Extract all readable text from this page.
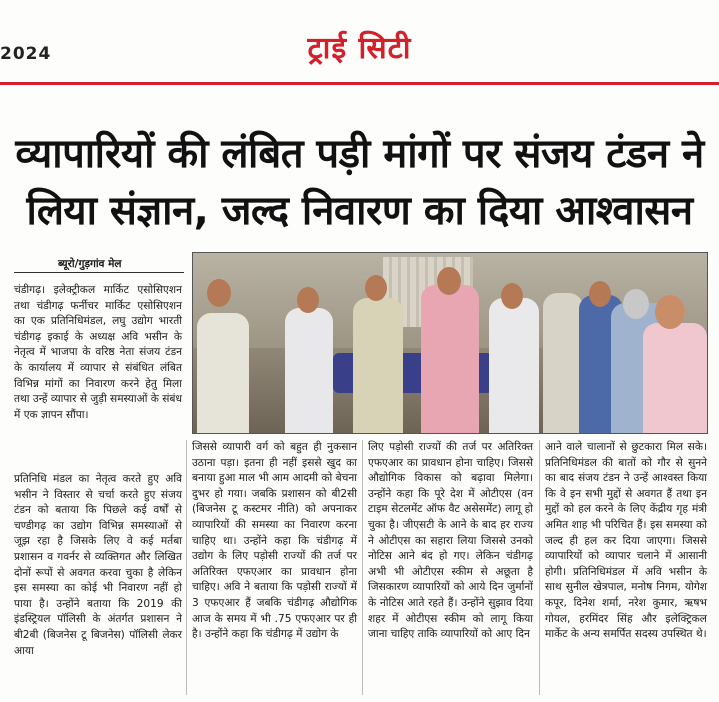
2024	ट्राई सिटी
व्यापारियों की लंबित पड़ी मांगों पर संजय टंडन ने
लिया संज्ञान, जल्द निवारण का दिया आश्वासन
ब्यूरो/गुड़गांव मेल

चंडीगढ़। इलेक्ट्रीकल मार्किट एसोसिएशन तथा चंडीगढ़ फर्नीचर मार्किट एसोसिएशन का एक प्रतिनिधिमंडल, लघु उद्योग भारती चंडीगढ़ इकाई के अध्यक्ष अवि भसीन के नेतृत्व में भाजपा के वरिष्ठ नेता संजय टंडन के कार्यालय में व्यापार से संबंधित लंबित विभिन्न मांगों का निवारण करने हेतु मिला तथा उन्हें व्यापार से जुड़ी समस्याओं के संबंध में एक ज्ञापन सौंपा।

प्रतिनिधि मंडल का नेतृत्व करते हुए अवि भसीन ने विस्तार से चर्चा करते हुए संजय टंडन को बताया कि पिछले कई वर्षों से चण्डीगढ़ का उद्योग विभिन्न समस्याओं से जूझ रहा है जिसके लिए वे कई मर्तबा प्रशासन व गवर्नर से व्यक्तिगत और लिखित दोनों रूपों से अवगत करवा चुका है लेकिन इस समस्या का कोई भी निवारण नहीं हो पाया है। उन्होंने बताया कि 2019 की इंडस्ट्रियल पॉलिसी के अंतर्गत प्रशासन ने बी2बी (बिजनेस टू बिजनेस) पॉलिसी लेकर आया

जिससे व्यापारी वर्ग को बहुत ही नुकसान उठाना पड़ा। इतना ही नहीं इससे खुद का बनाया हुआ माल भी आम आदमी को बेचना दुभर हो गया। जबकि प्रशासन को बी2सी (बिजनेस टू कस्टमर नीति) को अपनाकर व्यापारियों की समस्या का निवारण करना चाहिए था। उन्होंने कहा कि चंडीगढ़ में उद्योग के लिए पड़ोसी राज्यों की तर्ज पर अतिरिक्त एफएआर का प्रावधान होना चाहिए। अवि ने बताया कि पड़ोसी राज्यों में 3 एफएआर हैं जबकि चंडीगढ़ औद्योगिक आज के समय में भी .75 एफएआर पर ही है। उन्होंने कहा कि चंडीगढ़ में उद्योग के

लिए पड़ोसी राज्यों की तर्ज पर अतिरिक्त एफएआर का प्रावधान होना चाहिए। जिससे औद्योगिक विकास को बढ़ावा मिलेगा। उन्होंने कहा कि पूरे देश में ओटीएस (वन टाइम सेटलमेंट ऑफ वैट असेसमेंट) लागू हो चुका है। जीएसटी के आने के बाद हर राज्य ने ओटीएस का सहारा लिया जिससे उनको नोटिस आने बंद हो गए। लेकिन चंडीगढ़ अभी भी ओटीएस स्कीम से अछूता है जिसकारण व्यापारियों को आये दिन जुर्मानों के नोटिस आते रहते हैं। उन्होंने सुझाव दिया शहर में ओटीएस स्कीम को लागू किया जाना चाहिए ताकि व्यापारियों को आए दिन

आने वाले चालानों से छुटकारा मिल सके। प्रतिनिधिमंडल की बातों को गौर से सुनने का बाद संजय टंडन ने उन्हें आश्वस्त किया कि वे इन सभी मुद्दों से अवगत हैं तथा इन मुद्दों को हल करने के लिए केंद्रीय गृह मंत्री अमित शाह भी परिचित हैं। इस समस्या को जल्द ही हल कर दिया जाएगा। जिससे व्यापारियों को व्यापार चलाने में आसानी होगी। प्रतिनिधिमंडल में अवि भसीन के साथ सुनील खेत्रपाल, मनोष निगम, योगेश कपूर, दिनेश शर्मा, नरेश कुमार, ऋषभ गोयल, हरमिंदर सिंह और इलेक्ट्रिकल मार्केट के अन्य समर्पित सदस्य उपस्थित थे।
